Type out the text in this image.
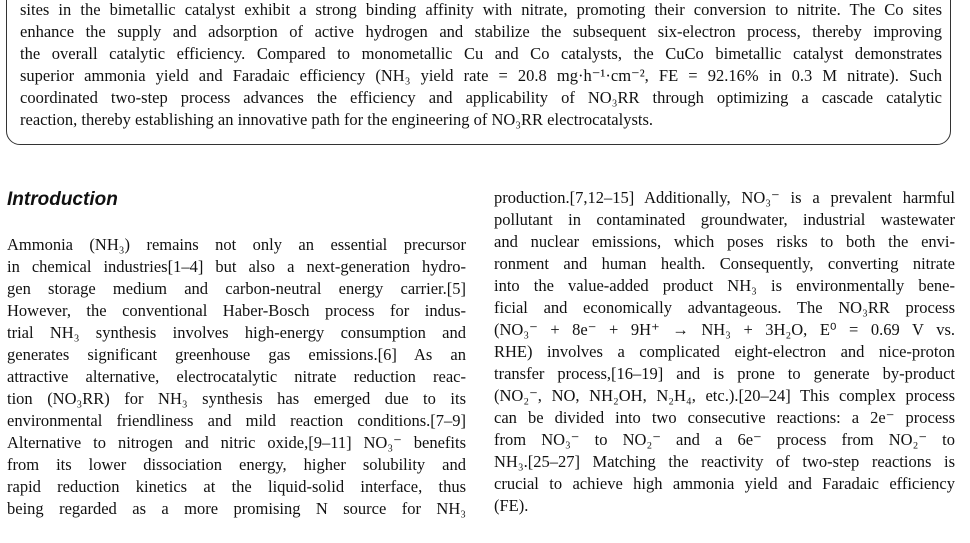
sites in the bimetallic catalyst exhibit a strong binding affinity with nitrate, promoting their conversion to nitrite. The Co sites
enhance the supply and adsorption of active hydrogen and stabilize the subsequent six-electron process, thereby improving
the overall catalytic efficiency. Compared to monometallic Cu and Co catalysts, the CuCo bimetallic catalyst demonstrates
superior ammonia yield and Faradaic efficiency (NH₃ yield rate = 20.8 mg·h⁻¹·cm⁻², FE = 92.16% in 0.3 M nitrate). Such
coordinated two-step process advances the efficiency and applicability of NO₃RR through optimizing a cascade catalytic
reaction, thereby establishing an innovative path for the engineering of NO₃RR electrocatalysts.
Introduction
Ammonia (NH₃) remains not only an essential precursor
in chemical industries[1–4] but also a next-generation hydro-
gen storage medium and carbon-neutral energy carrier.[5]
However, the conventional Haber-Bosch process for indus-
trial NH₃ synthesis involves high-energy consumption and
generates significant greenhouse gas emissions.[6] As an
attractive alternative, electrocatalytic nitrate reduction reac-
tion (NO₃RR) for NH₃ synthesis has emerged due to its
environmental friendliness and mild reaction conditions.[7–9]
Alternative to nitrogen and nitric oxide,[9–11] NO₃⁻ benefits
from its lower dissociation energy, higher solubility and
rapid reduction kinetics at the liquid-solid interface, thus
being regarded as a more promising N source for NH₃
production.[7,12–15] Additionally, NO₃⁻ is a prevalent harmful
pollutant in contaminated groundwater, industrial wastewater
and nuclear emissions, which poses risks to both the envi-
ronment and human health. Consequently, converting nitrate
into the value-added product NH₃ is environmentally bene-
ficial and economically advantageous. The NO₃RR process
(NO₃⁻ + 8e⁻ + 9H⁺ → NH₃ + 3H₂O, E⁰ = 0.69 V vs.
RHE) involves a complicated eight-electron and nice-proton
transfer process,[16–19] and is prone to generate by-product
(NO₂⁻, NO, NH₂OH, N₂H₄, etc.).[20–24] This complex process
can be divided into two consecutive reactions: a 2e⁻ process
from NO₃⁻ to NO₂⁻ and a 6e⁻ process from NO₂⁻ to
NH₃.[25–27] Matching the reactivity of two-step reactions is
crucial to achieve high ammonia yield and Faradaic efficiency
(FE).
